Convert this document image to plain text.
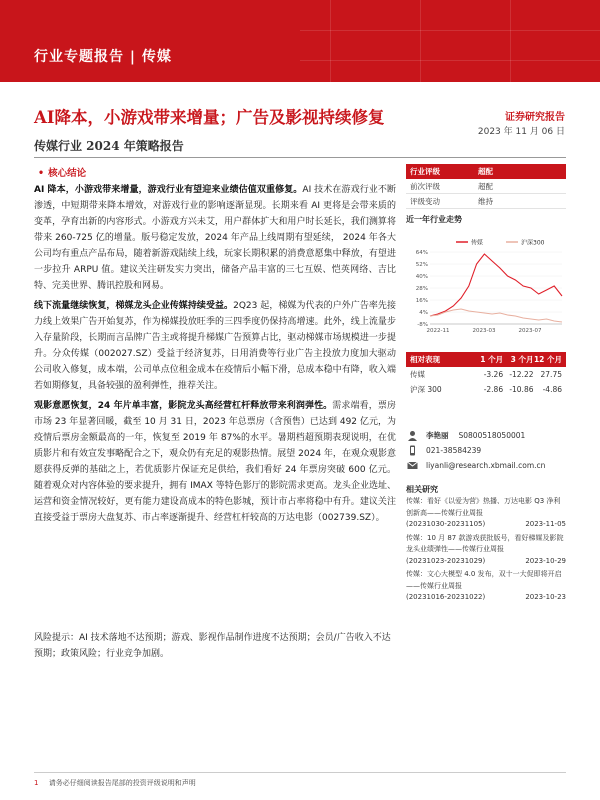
行业专题报告 | 传媒
AI降本，小游戏带来增量；广告及影视持续修复	证券研究报告
2023 年 11 月 06 日
传媒行业 2024 年策略报告
• 核心结论

AI 降本，小游戏带来增量，游戏行业有望迎来业绩估值双重修复。AI 技术在游戏行业不断渗透，中短期带来降本增效，对游戏行业的影响逐渐显现。长期来看 AI 更将是会带来质的变革，孕育出新的内容形式。小游戏方兴未艾，用户群体扩大和用户时长延长，我们测算将带来 260-725 亿的增量。版号稳定发放，2024 年产品上线周期有望延续， 2024 年各大公司均有重点产品布局，随着新游戏陆续上线，玩家长期积累的消费意愿集中释放，有望进一步拉升 ARPU 值。建议关注研发实力突出，储备产品丰富的三七互娱、恺英网络、吉比特、完美世界、腾讯控股和网易。

线下流量继续恢复，梯媒龙头企业传媒持续受益。2Q23 起，梯媒为代表的户外广告率先接力线上效果广告开始复苏，作为梯媒投放旺季的三四季度仍保持高增速。此外，线上流量步入存量阶段，长期而言品牌广告主或将提升梯媒广告预算占比，驱动梯媒市场规模进一步提升。分众传媒（002027.SZ）受益于经济复苏，日用消费等行业广告主投放力度加大驱动公司收入修复，成本端，公司单点位租金成本在疫情后小幅下滑，总成本稳中有降，收入端若如期修复，具备较强的盈利弹性，推荐关注。

观影意愿恢复，24 年片单丰富，影院龙头高经营杠杆释放带来利润弹性。需求端看，票房市场 23 年显著回暖，截至 10 月 31 日，2023 年总票房（含预售）已达到 492 亿元，为疫情后票房金额最高的一年，恢复至 2019 年 87%的水平。暑期档超预期表现说明，在优质影片和有效宣发事略配合之下，观众仍有充足的观影热情。展望 2024 年，在观众观影意愿获得反弹的基础之上，若优质影片保证充足供给，我们看好 24 年票房突破 600 亿元。随着观众对内容体验的要求提升，拥有 IMAX 等特色影厅的影院需求更高。龙头企业选址、运营和资金情况较好，更有能力建设高成本的特色影城，预计市占率将稳中有升。建议关注直接受益于票房大盘复苏、市占率逐渐提升、经营杠杆较高的万达电影（002739.SZ）。

风险提示：AI 技术落地不达预期；游戏、影视作品制作进度不达预期；会员/广告收入不达预期；政策风险；行业竞争加剧。
行业评级	超配
前次评级	超配
评级变动	维持
近一年行业走势
传媒	沪深300
64%
52%
40%
28%
16%
4%
-8%
2022-11	2023-03	2023-07
相对表现	1 个月	3 个月 12 个月
传媒	-3.26 -12.22 27.75
沪深 300	-2.86 -10.86	-4.86
李艳丽 S0800518050001
021-38584239
liyanli@research.xbmail.com.cn
相关研究
传媒：看好《以爱为营》热播、万达电影 Q3 净利创新高——传媒行业周报
(20231030-20231105)	2023-11-05
传媒：10 月 87 款游戏获批版号，看好梯媒及影院龙头业绩弹性——传媒行业周报
(20231023-20231029)	2023-10-29
传媒：文心大模型 4.0 发布，双十一大促即将开启——传媒行业周报
(20231016-20231022)	2023-10-23
1 请务必仔细阅读报告尾部的投资评级说明和声明
